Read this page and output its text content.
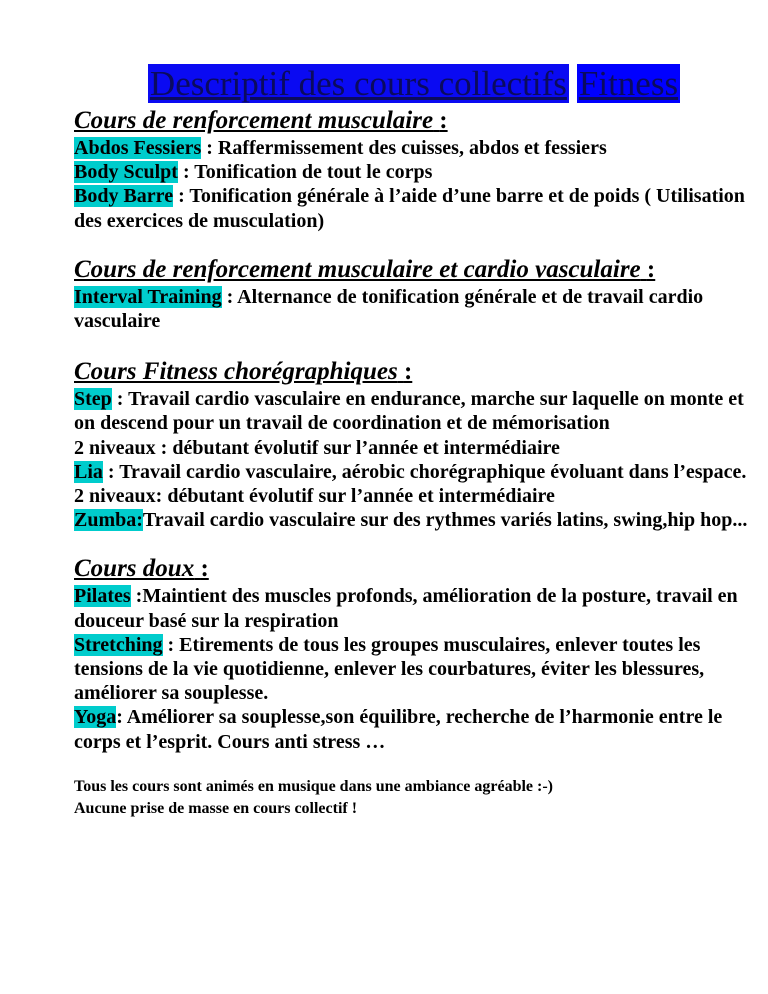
Descriptif des cours collectifs Fitness
Cours de renforcement musculaire :

Abdos Fessiers : Raffermissement des cuisses, abdos et fessiers

Body Sculpt : Tonification de tout le corps

Body Barre : Tonification générale à l’aide d’une barre et de poids ( Utilisation des exercices de musculation)

Cours de renforcement musculaire et cardio vasculaire :

Interval Training : Alternance de tonification générale et de travail cardio vasculaire

Cours Fitness chorégraphiques :

Step : Travail cardio vasculaire en endurance, marche sur laquelle on monte et on descend pour un travail de coordination et de mémorisation

2 niveaux : débutant évolutif sur l’année et intermédiaire

Lia : Travail cardio vasculaire, aérobic chorégraphique évoluant dans l’espace.

2 niveaux: débutant évolutif sur l’année et intermédiaire

Zumba:Travail cardio vasculaire sur des rythmes variés latins, swing,hip hop...

Cours doux :

Pilates :Maintient des muscles profonds, amélioration de la posture, travail en douceur basé sur la respiration

Stretching : Etirements de tous les groupes musculaires, enlever toutes les tensions de la vie quotidienne, enlever les courbatures, éviter les blessures, améliorer sa souplesse.

Yoga: Améliorer sa souplesse,son équilibre, recherche de l’harmonie entre le corps et l’esprit. Cours anti stress …

Tous les cours sont animés en musique dans une ambiance agréable :-)

Aucune prise de masse en cours collectif !
